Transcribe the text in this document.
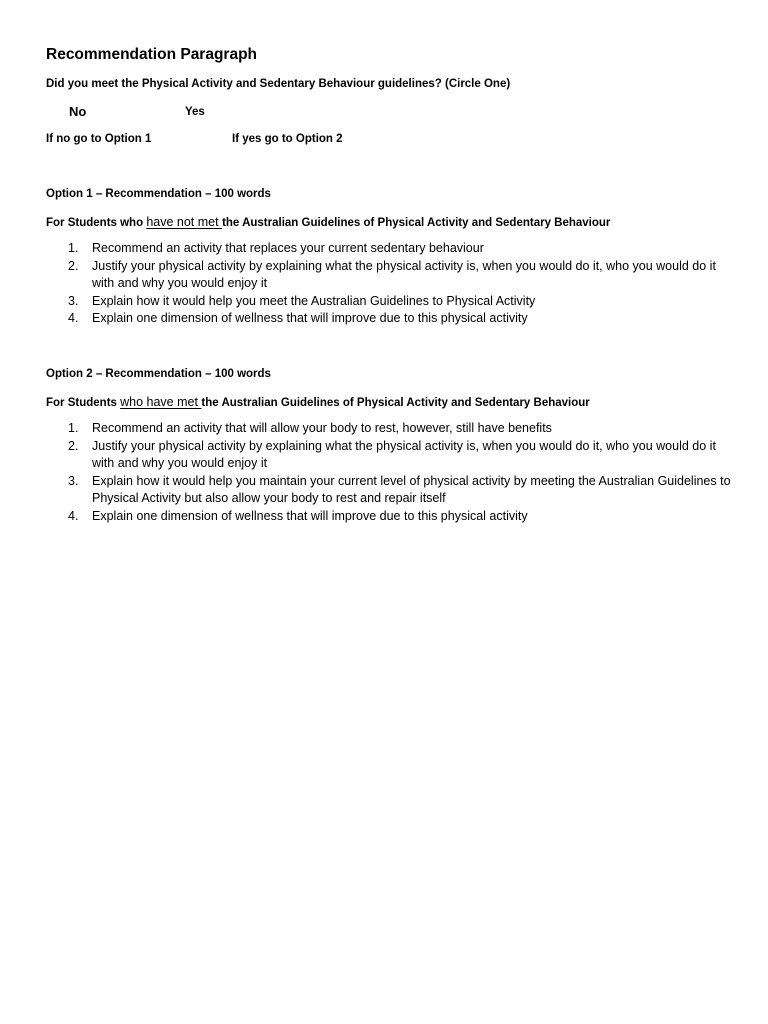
Recommendation Paragraph
Did you meet the Physical Activity and Sedentary Behaviour guidelines? (Circle One)
No	Yes
If no go to Option 1	If yes go to Option 2
Option 1 – Recommendation – 100 words
For Students who have not met the Australian Guidelines of Physical Activity and Sedentary Behaviour
1. Recommend an activity that replaces your current sedentary behaviour
2. Justify your physical activity by explaining what the physical activity is, when you would do it, who you would do it with and why you would enjoy it
3. Explain how it would help you meet the Australian Guidelines to Physical Activity
4. Explain one dimension of wellness that will improve due to this physical activity
Option 2 – Recommendation – 100 words
For Students who have met the Australian Guidelines of Physical Activity and Sedentary Behaviour
1. Recommend an activity that will allow your body to rest, however, still have benefits
2. Justify your physical activity by explaining what the physical activity is, when you would do it, who you would do it with and why you would enjoy it
3. Explain how it would help you maintain your current level of physical activity by meeting the Australian Guidelines to Physical Activity but also allow your body to rest and repair itself
4. Explain one dimension of wellness that will improve due to this physical activity
